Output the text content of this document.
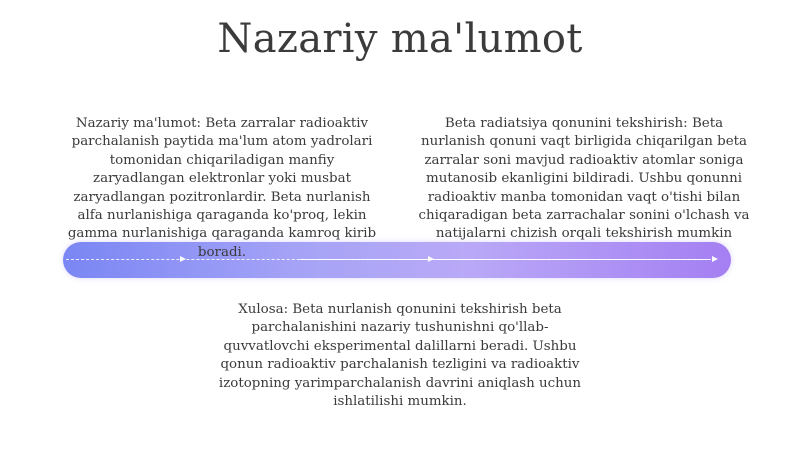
Nazariy ma'lumot

Nazariy ma'lumot: Beta zarralar radioaktiv parchalanish paytida ma'lum atom yadrolari tomonidan chiqariladigan manfiy zaryadlangan elektronlar yoki musbat zaryadlangan pozitronlardir. Beta nurlanish alfa nurlanishiga qaraganda ko'proq, lekin gamma nurlanishiga qaraganda kamroq kirib boradi.

Beta radiatsiya qonunini tekshirish: Beta nurlanish qonuni vaqt birligida chiqarilgan beta zarralar soni mavjud radioaktiv atomlar soniga mutanosib ekanligini bildiradi. Ushbu qonunni radioaktiv manba tomonidan vaqt o'tishi bilan chiqaradigan beta zarrachalar sonini o'lchash va natijalarni chizish orqali tekshirish mumkin

Xulosa: Beta nurlanish qonunini tekshirish beta parchalanishini nazariy tushunishni qo'llab-quvvatlovchi eksperimental dalillarni beradi. Ushbu qonun radioaktiv parchalanish tezligini va radioaktiv izotopning yarimparchalanish davrini aniqlash uchun ishlatilishi mumkin.
